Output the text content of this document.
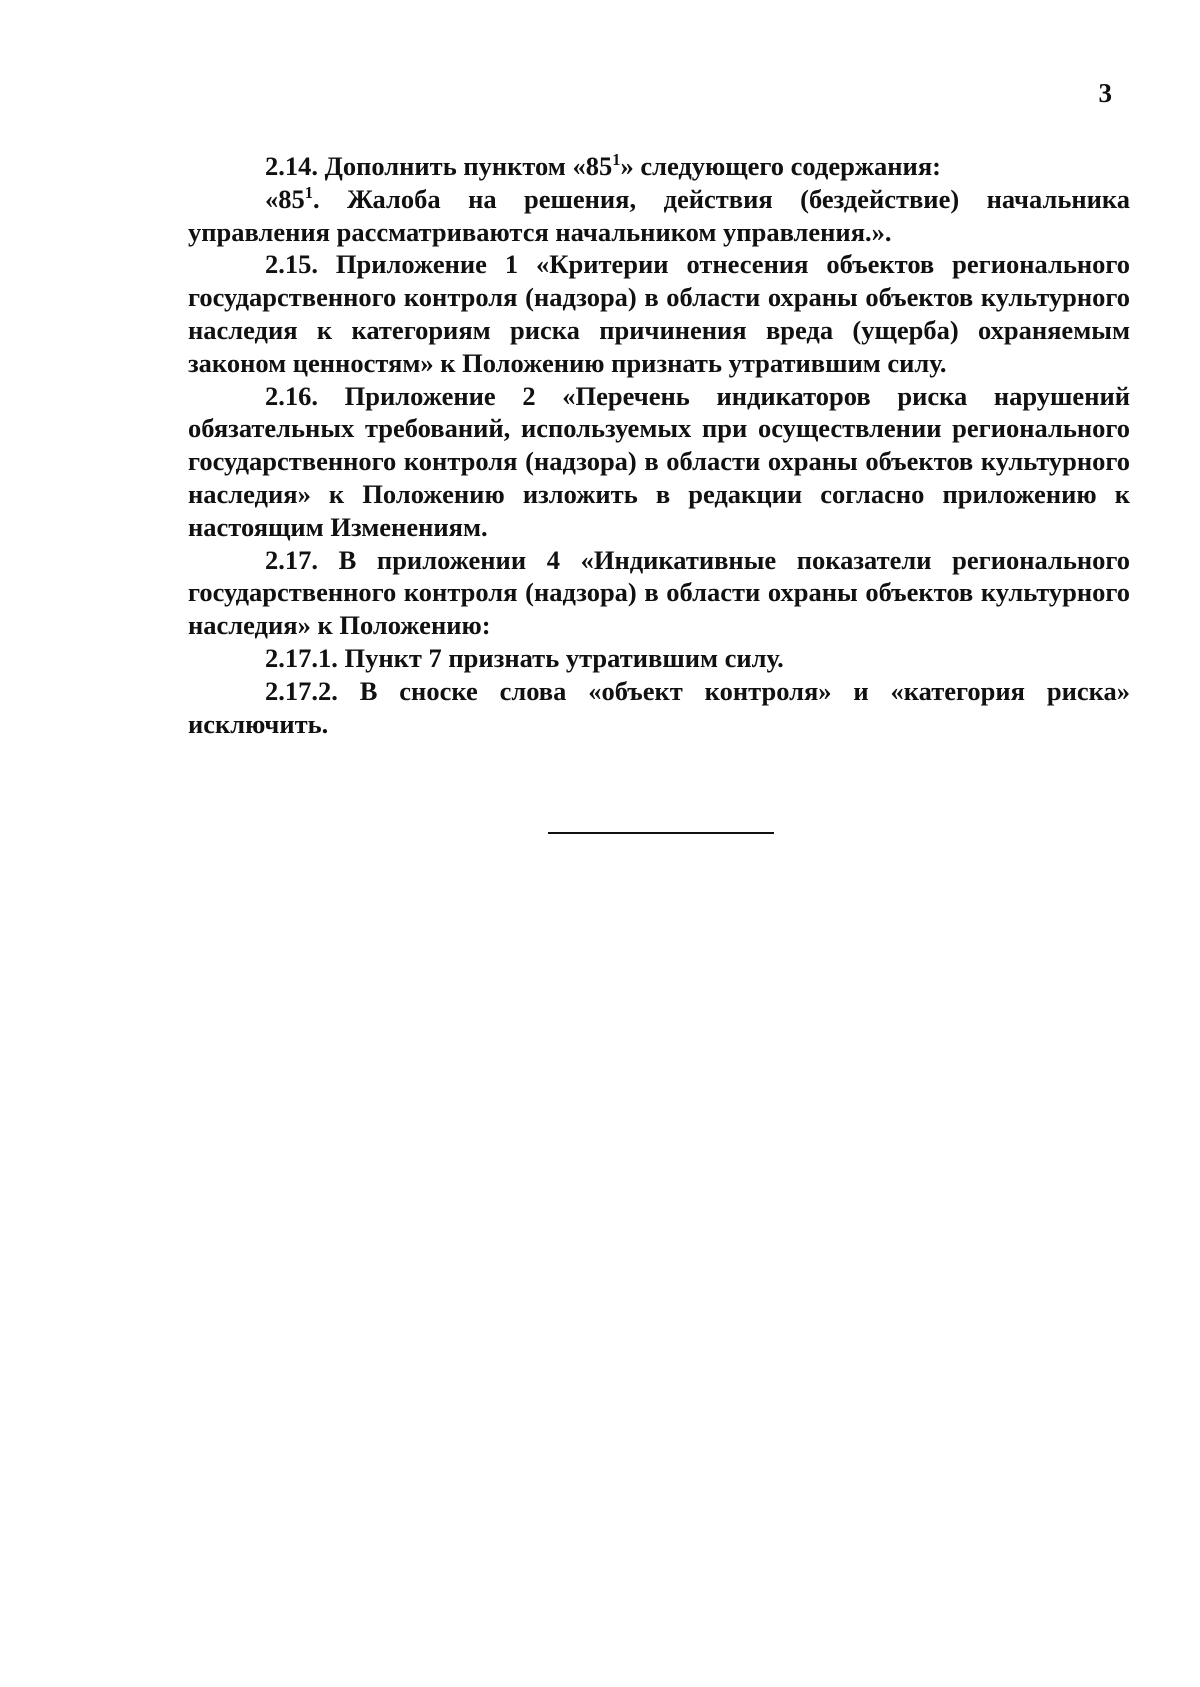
3

2.14. Дополнить пунктом «$85^1$» следующего содержания:

«$85^1$. Жалоба на решения, действия (бездействие) начальника управления рассматриваются начальником управления.».

2.15. Приложение 1 «Критерии отнесения объектов регионального государственного контроля (надзора) в области охраны объектов культурного наследия к категориям риска причинения вреда (ущерба) охраняемым законом ценностям» к Положению признать утратившим силу.

2.16. Приложение 2 «Перечень индикаторов риска нарушений обязательных требований, используемых при осуществлении регионального государственного контроля (надзора) в области охраны объектов культурного наследия» к Положению изложить в редакции согласно приложению к настоящим Изменениям.

2.17. В приложении 4 «Индикативные показатели регионального государственного контроля (надзора) в области охраны объектов культурного наследия» к Положению:

2.17.1. Пункт 7 признать утратившим силу.

2.17.2. В сноске слова «объект контроля» и «категория риска» исключить.
